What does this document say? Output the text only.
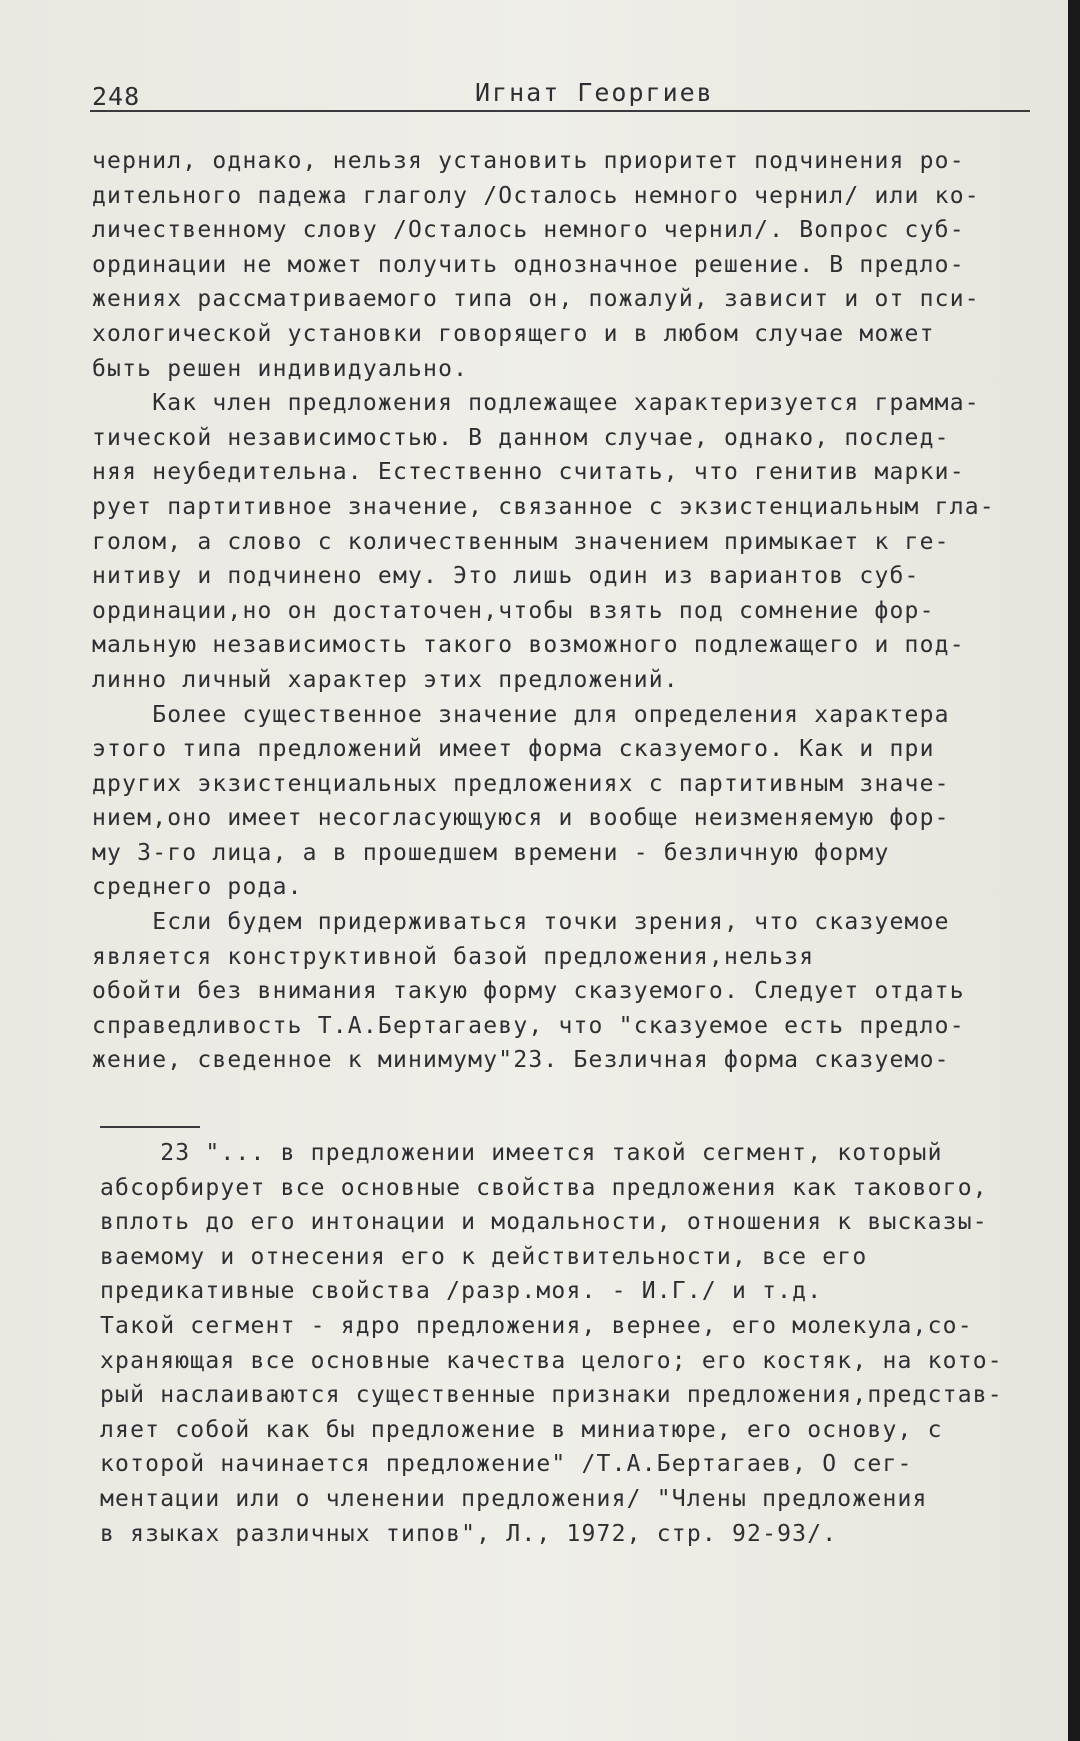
248	Игнат Георгиев
чернил, однако, нельзя установить приоритет подчинения ро-
дительного падежа глаголу /Осталось немного чернил/ или ко-
личественному слову /Осталось немного чернил/. Вопрос суб-
ординации не может получить однозначное решение. В предло-
жениях рассматриваемого типа он, пожалуй, зависит и от пси-
хологической установки говорящего и в любом случае может
быть решен индивидуально.
Как член предложения подлежащее характеризуется грамма-
тической независимостью. В данном случае, однако, послед-
няя неубедительна. Естественно считать, что генитив марки-
рует партитивное значение, связанное с экзистенциальным гла-
голом, а слово с количественным значением примыкает к ге-
нитиву и подчинено ему. Это лишь один из вариантов суб-
ординации,но он достаточен,чтобы взять под сомнение фор-
мальную независимость такого возможного подлежащего и под-
линно личный характер этих предложений.
Более существенное значение для определения характера
этого типа предложений имеет форма сказуемого. Как и при
других экзистенциальных предложениях с партитивным значе-
нием,оно имеет несогласующуюся и вообще неизменяемую фор-
му 3-го лица, а в прошедшем времени - безличную форму
среднего рода.
Если будем придерживаться точки зрения, что сказуемое
является конструктивной базой предложения,нельзя
обойти без внимания такую форму сказуемого. Следует отдать
справедливость Т.А.Бертагаеву, что "сказуемое есть предло-
жение, сведенное к минимуму"23. Безличная форма сказуемо-
23 "... в предложении имеется такой сегмент, который
абсорбирует все основные свойства предложения как такового,
вплоть до его интонации и модальности, отношения к высказы-
ваемому и отнесения его к действительности, все его
предикативные свойства /разр.моя. - И.Г./ и т.д.
Такой сегмент - ядро предложения, вернее, его молекула,со-
храняющая все основные качества целого; его костяк, на кото-
рый наслаиваются существенные признаки предложения,представ-
ляет собой как бы предложение в миниатюре, его основу, с
которой начинается предложение" /Т.А.Бертагаев, О сег-
ментации или о членении предложения/ "Члены предложения
в языках различных типов", Л., 1972, стр. 92-93/.
